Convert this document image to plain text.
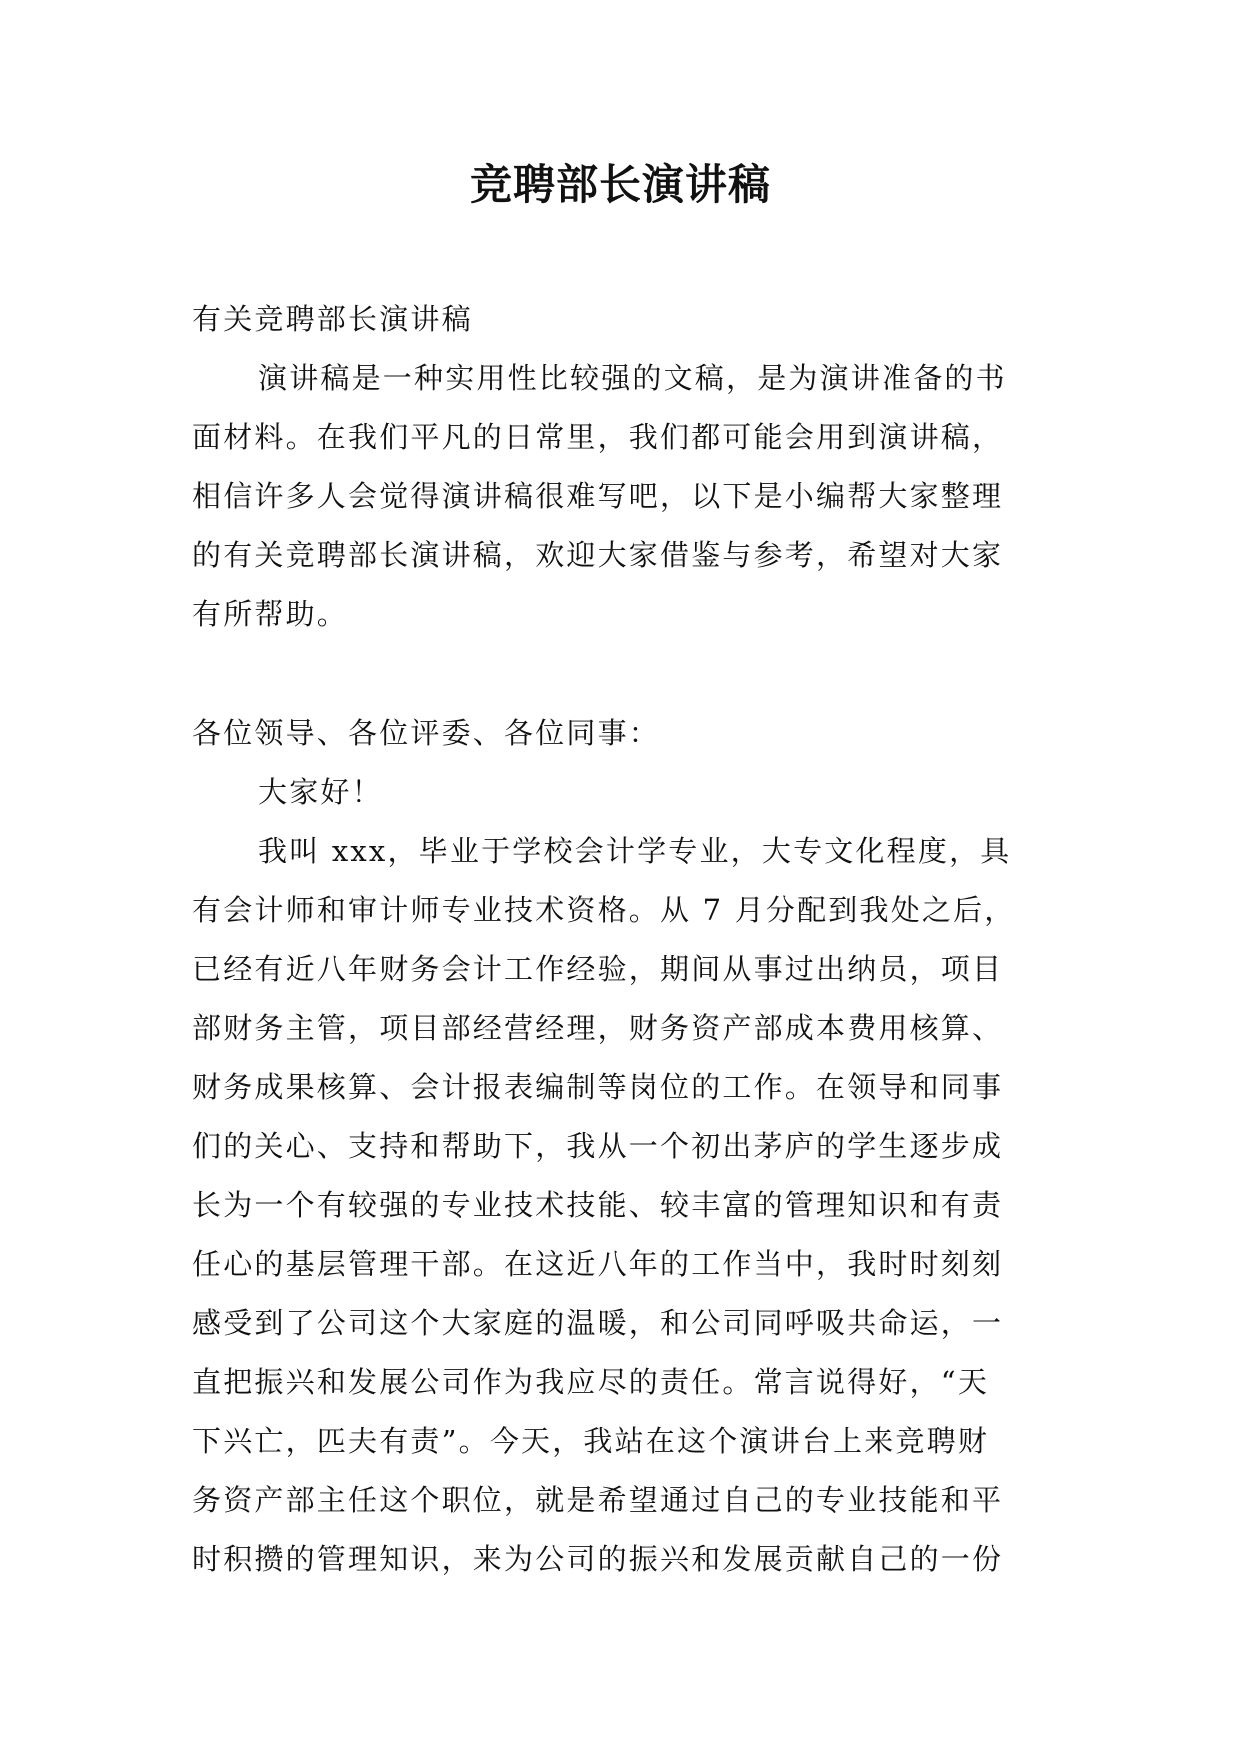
竞聘部长演讲稿
有关竞聘部长演讲稿
演讲稿是一种实用性比较强的文稿，是为演讲准备的书
面材料。在我们平凡的日常里，我们都可能会用到演讲稿，
相信许多人会觉得演讲稿很难写吧，以下是小编帮大家整理
的有关竞聘部长演讲稿，欢迎大家借鉴与参考，希望对大家
有所帮助。
各位领导、各位评委、各位同事：
大家好！
我叫 xxx，毕业于学校会计学专业，大专文化程度，具
有会计师和审计师专业技术资格。从 7 月分配到我处之后，
已经有近八年财务会计工作经验，期间从事过出纳员，项目
部财务主管，项目部经营经理，财务资产部成本费用核算、
财务成果核算、会计报表编制等岗位的工作。在领导和同事
们的关心、支持和帮助下，我从一个初出茅庐的学生逐步成
长为一个有较强的专业技术技能、较丰富的管理知识和有责
任心的基层管理干部。在这近八年的工作当中，我时时刻刻
感受到了公司这个大家庭的温暖，和公司同呼吸共命运，一
直把振兴和发展公司作为我应尽的责任。常言说得好，“天
下兴亡，匹夫有责”。今天，我站在这个演讲台上来竞聘财
务资产部主任这个职位，就是希望通过自己的专业技能和平
时积攒的管理知识，来为公司的振兴和发展贡献自己的一份
